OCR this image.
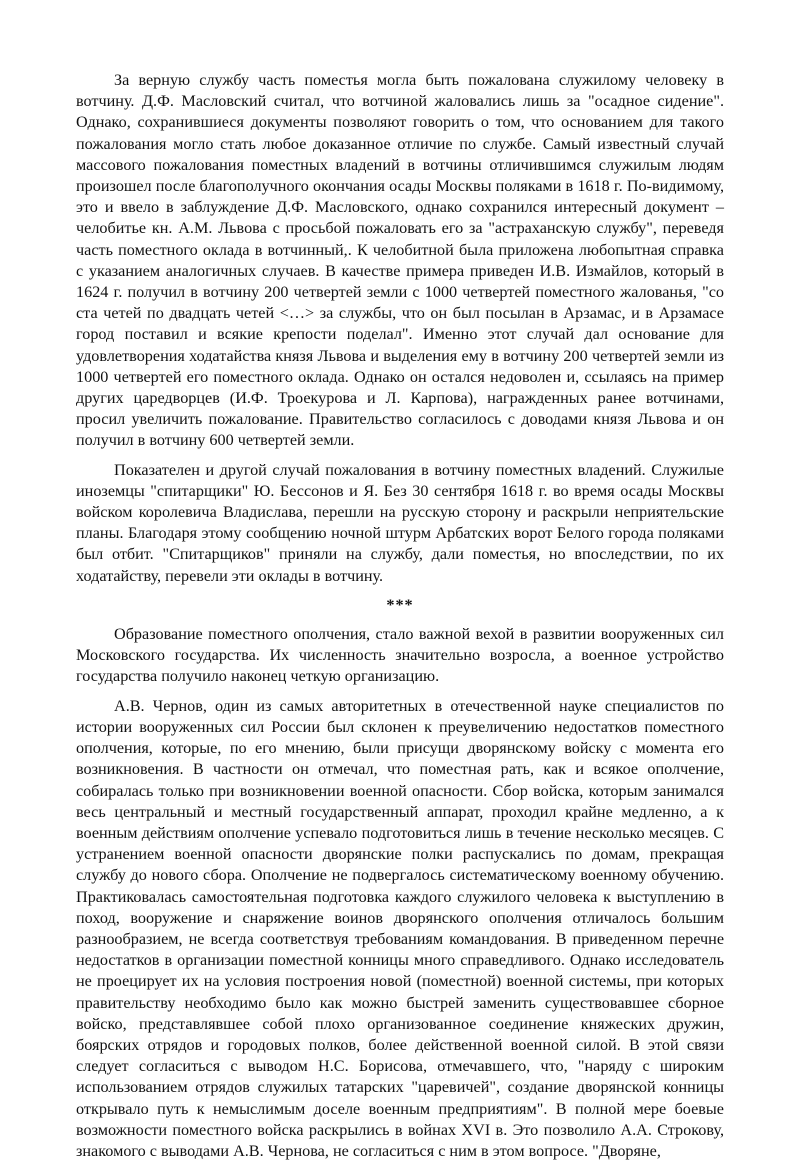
За верную службу часть поместья могла быть пожалована служилому человеку в вотчину. Д.Ф. Масловский считал, что вотчиной жаловались лишь за "осадное сидение". Однако, сохранившиеся документы позволяют говорить о том, что основанием для такого пожалования могло стать любое доказанное отличие по службе. Самый известный случай массового пожалования поместных владений в вотчины отличившимся служилым людям произошел после благополучного окончания осады Москвы поляками в 1618 г. По-видимому, это и ввело в заблуждение Д.Ф. Масловского, однако сохранился интересный документ – челобитье кн. А.М. Львова с просьбой пожаловать его за "астраханскую службу", переведя часть поместного оклада в вотчинный,. К челобитной была приложена любопытная справка с указанием аналогичных случаев. В качестве примера приведен И.В. Измайлов, который в 1624 г. получил в вотчину 200 четвертей земли с 1000 четвертей поместного жалованья, "со ста четей по двадцать четей <…> за службы, что он был посылан в Арзамас, и в Арзамасе город поставил и всякие крепости поделал". Именно этот случай дал основание для удовлетворения ходатайства князя Львова и выделения ему в вотчину 200 четвертей земли из 1000 четвертей его поместного оклада. Однако он остался недоволен и, ссылаясь на пример других царедворцев (И.Ф. Троекурова и Л. Карпова), награжденных ранее вотчинами, просил увеличить пожалование. Правительство согласилось с доводами князя Львова и он получил в вотчину 600 четвертей земли.

Показателен и другой случай пожалования в вотчину поместных владений. Служилые иноземцы "спитарщики" Ю. Бессонов и Я. Без 30 сентября 1618 г. во время осады Москвы войском королевича Владислава, перешли на русскую сторону и раскрыли неприятельские планы. Благодаря этому сообщению ночной штурм Арбатских ворот Белого города поляками был отбит. "Спитарщиков" приняли на службу, дали поместья, но впоследствии, по их ходатайству, перевели эти оклады в вотчину.

***

Образование поместного ополчения, стало важной вехой в развитии вооруженных сил Московского государства. Их численность значительно возросла, а военное устройство государства получило наконец четкую организацию.

А.В. Чернов, один из самых авторитетных в отечественной науке специалистов по истории вооруженных сил России был склонен к преувеличению недостатков поместного ополчения, которые, по его мнению, были присущи дворянскому войску с момента его возникновения. В частности он отмечал, что поместная рать, как и всякое ополчение, собиралась только при возникновении военной опасности. Сбор войска, которым занимался весь центральный и местный государственный аппарат, проходил крайне медленно, а к военным действиям ополчение успевало подготовиться лишь в течение несколько месяцев. С устранением военной опасности дворянские полки распускались по домам, прекращая службу до нового сбора. Ополчение не подвергалось систематическому военному обучению. Практиковалась самостоятельная подготовка каждого служилого человека к выступлению в поход, вооружение и снаряжение воинов дворянского ополчения отличалось большим разнообразием, не всегда соответствуя требованиям командования. В приведенном перечне недостатков в организации поместной конницы много справедливого. Однако исследователь не проецирует их на условия построения новой (поместной) военной системы, при которых правительству необходимо было как можно быстрей заменить существовавшее сборное войско, представлявшее собой плохо организованное соединение княжеских дружин, боярских отрядов и городовых полков, более действенной военной силой. В этой связи следует согласиться с выводом Н.С. Борисова, отмечавшего, что, "наряду с широким использованием отрядов служилых татарских "царевичей", создание дворянской конницы открывало путь к немыслимым доселе военным предприятиям". В полной мере боевые возможности поместного войска раскрылись в войнах XVI в. Это позволило А.А. Строкову, знакомого с выводами А.В. Чернова, не согласиться с ним в этом вопросе. "Дворяне,
